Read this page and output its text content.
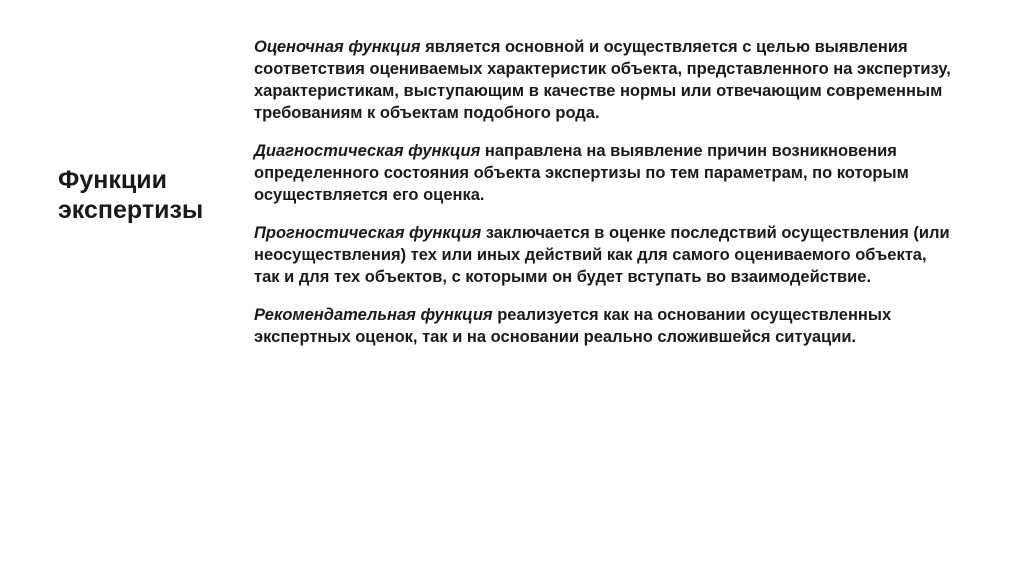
Функции
экспертизы

Оценочная функция является основной и осуществляется с целью выявления соответствия оцениваемых характеристик объекта, представленного на экспертизу, характеристикам, выступающим в качестве нормы или отвечающим современным требованиям к объектам подобного рода.

Диагностическая функция направлена на выявление причин возникновения определенного состояния объекта экспертизы по тем параметрам, по которым осуществляется его оценка.

Прогностическая функция заключается в оценке последствий осуществления (или неосуществления) тех или иных действий как для самого оцениваемого объекта, так и для тех объектов, с которыми он будет вступать во взаимодействие.

Рекомендательная функция реализуется как на основании осуществленных экспертных оценок, так и на основании реально сложившейся ситуации.
